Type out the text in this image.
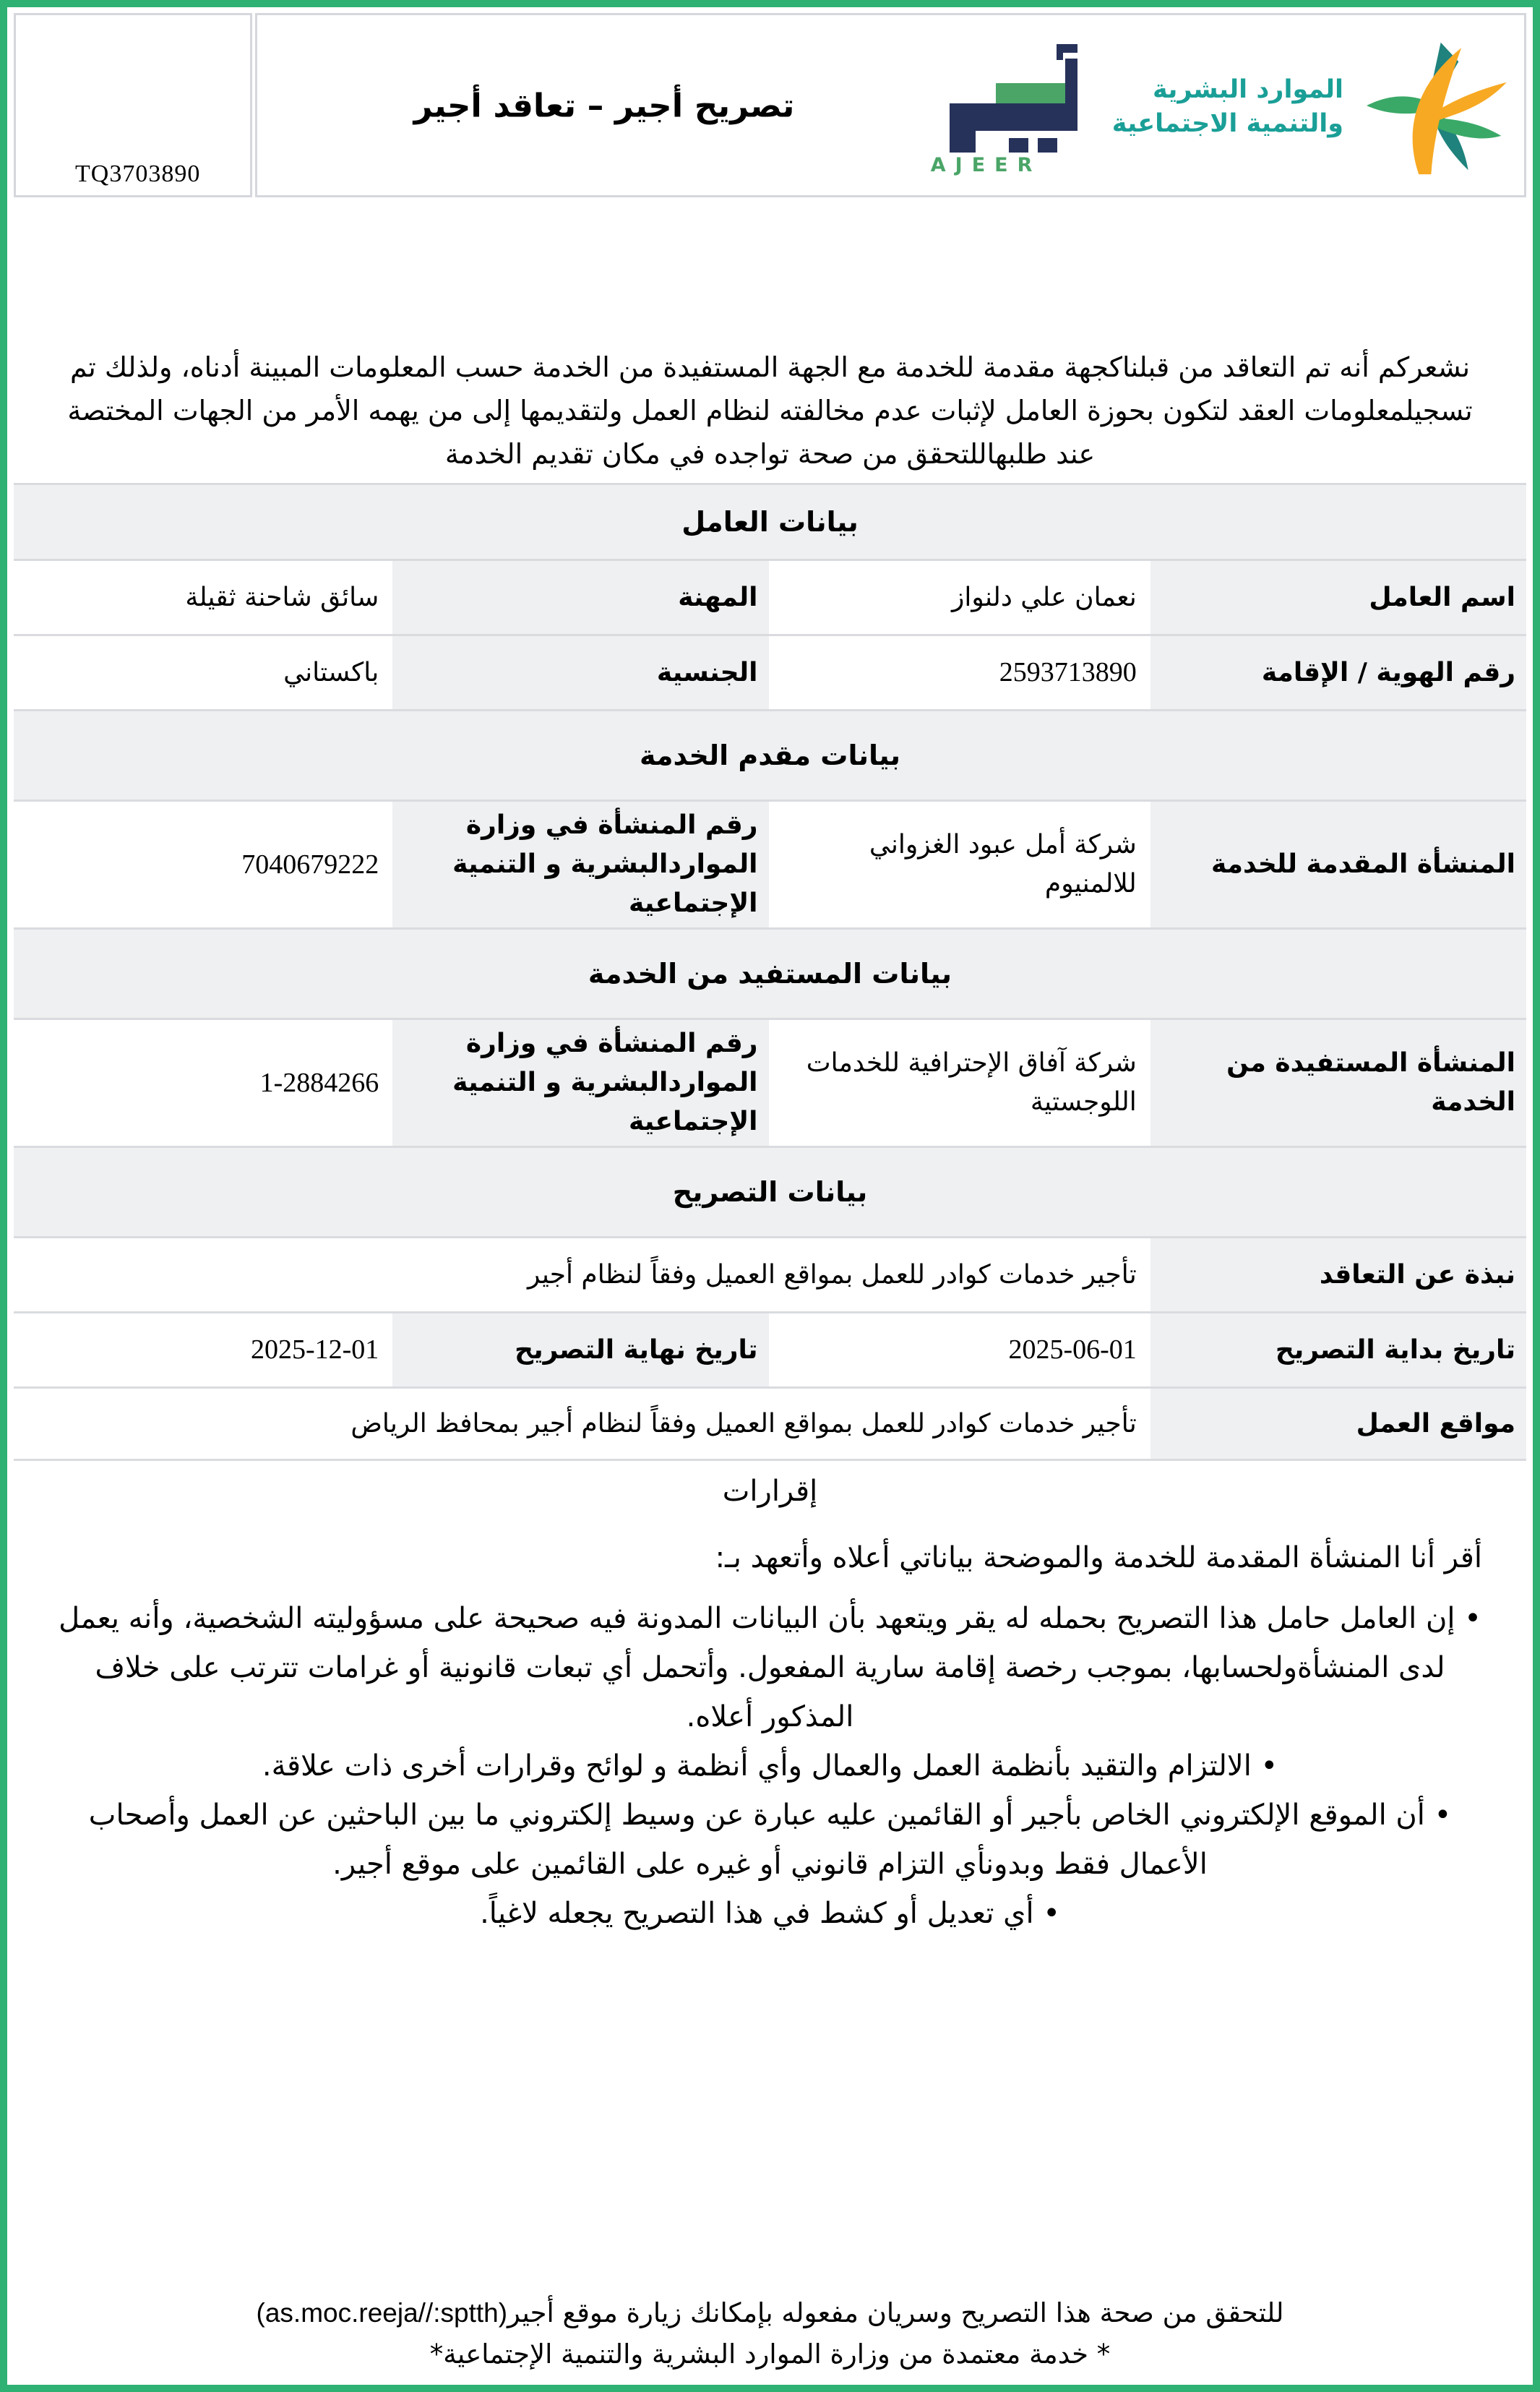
TQ3703890
تصريح أجير – تعاقد أجير
AJEER
الموارد البشرية
والتنمية الاجتماعية

نشعركم أنه تم التعاقد من قبلناكجهة مقدمة للخدمة مع الجهة المستفيدة من الخدمة حسب المعلومات المبينة أدناه، ولذلك تم تسجيلمعلومات العقد لتكون بحوزة العامل لإثبات عدم مخالفته لنظام العمل ولتقديمها إلى من يهمه الأمر من الجهات المختصة عند طلبهاللتحقق من صحة تواجده في مكان تقديم الخدمة

بيانات العامل
اسم العامل
نعمان علي دلنواز
المهنة
سائق شاحنة ثقيلة
رقم الهوية / الإقامة
2593713890
الجنسية
باكستاني
بيانات مقدم الخدمة
المنشأة المقدمة للخدمة
شركة أمل عبود الغزواني للالمنيوم
رقم المنشأة في وزارة المواردالبشرية و التنمية الإجتماعية
7040679222
بيانات المستفيد من الخدمة
المنشأة المستفيدة من الخدمة
شركة آفاق الإحترافية للخدمات اللوجستية
رقم المنشأة في وزارة المواردالبشرية و التنمية الإجتماعية
1-2884266
بيانات التصريح
نبذة عن التعاقد
تأجير خدمات كوادر للعمل بمواقع العميل وفقاً لنظام أجير
تاريخ بداية التصريح
2025-06-01
تاريخ نهاية التصريح
2025-12-01
مواقع العمل
تأجير خدمات كوادر للعمل بمواقع العميل وفقاً لنظام أجير بمحافظ الرياض
إقرارات
أقر أنا المنشأة المقدمة للخدمة والموضحة بياناتي أعلاه وأتعهد بـ:
• إن العامل حامل هذا التصريح بحمله له يقر ويتعهد بأن البيانات المدونة فيه صحيحة على مسؤوليته الشخصية، وأنه يعمل لدى المنشأةولحسابها، بموجب رخصة إقامة سارية المفعول. وأتحمل أي تبعات قانونية أو غرامات تترتب على خلاف المذكور أعلاه.
• الالتزام والتقيد بأنظمة العمل والعمال وأي أنظمة و لوائح وقرارات أخرى ذات علاقة.
• أن الموقع الإلكتروني الخاص بأجير أو القائمين عليه عبارة عن وسيط إلكتروني ما بين الباحثين عن العمل وأصحاب الأعمال فقط وبدونأي التزام قانوني أو غيره على القائمين على موقع أجير.
• أي تعديل أو كشط في هذا التصريح يجعله لاغياً.
للتحقق من صحة هذا التصريح وسريان مفعوله بإمكانك زيارة موقع أجير(as.moc.reeja//:sptth)
* خدمة معتمدة من وزارة الموارد البشرية والتنمية الإجتماعية*
